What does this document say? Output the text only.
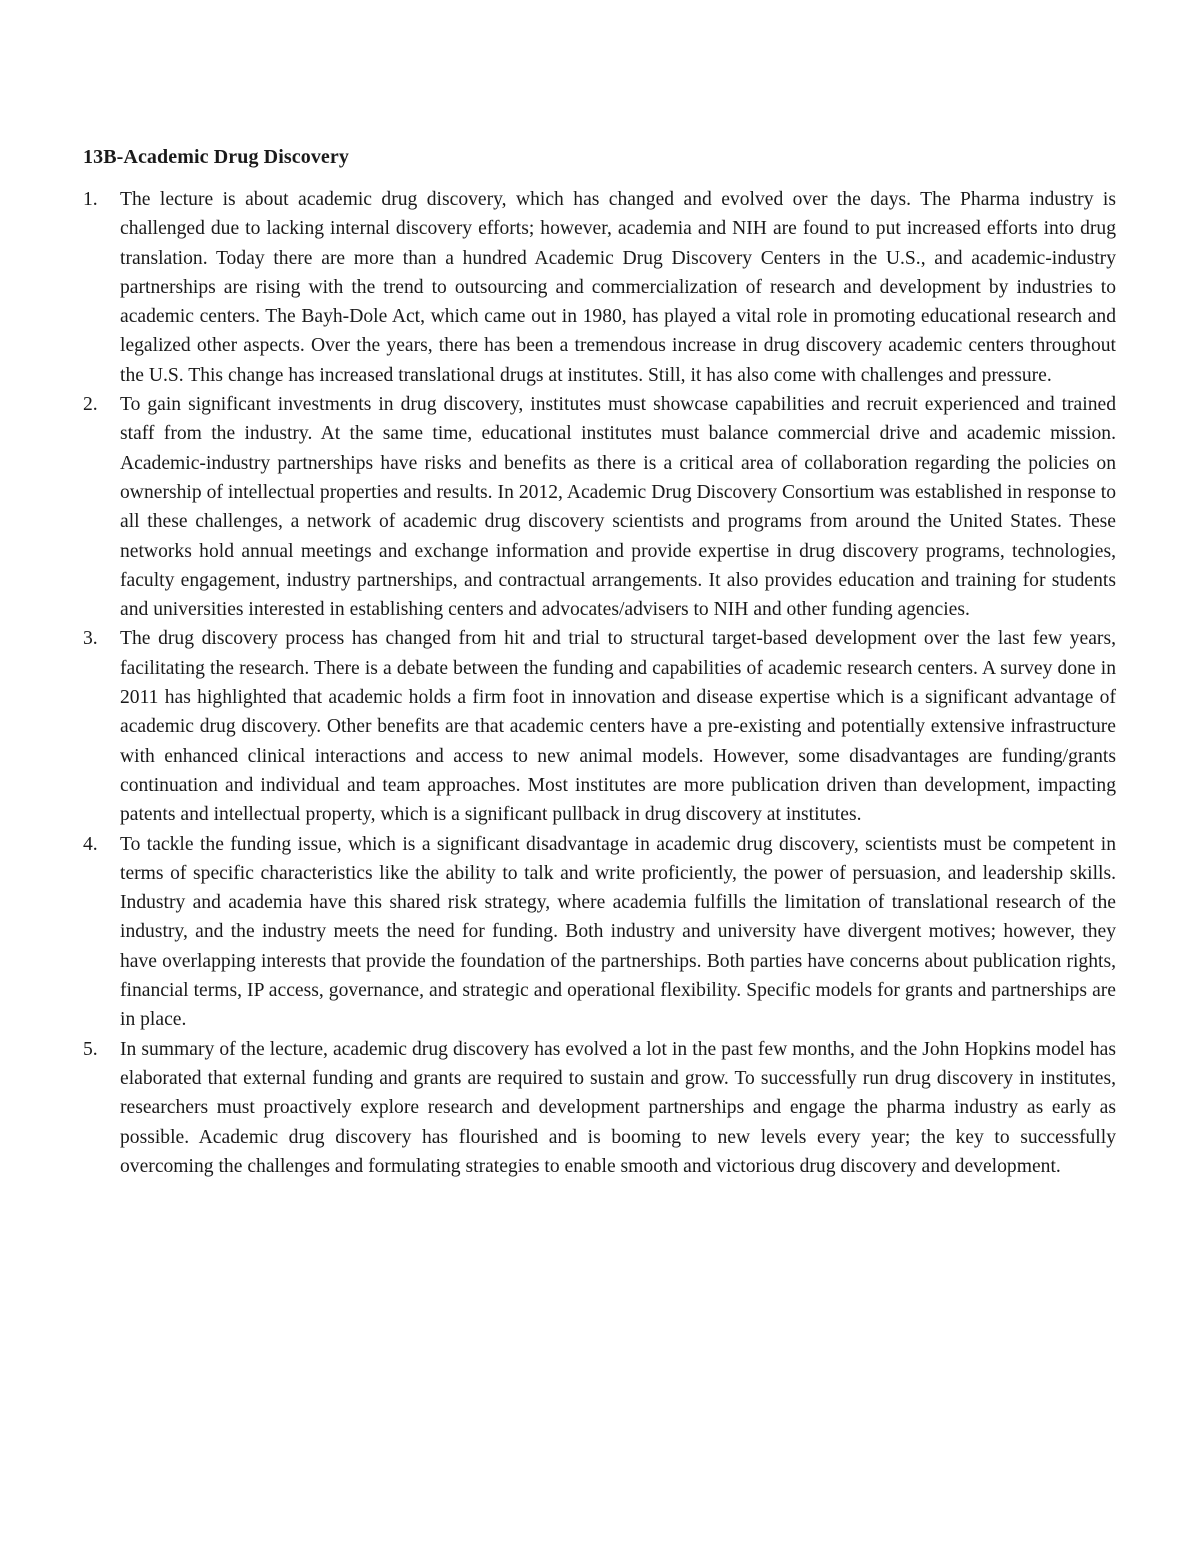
13B-Academic Drug Discovery
1.	The lecture is about academic drug discovery, which has changed and evolved over the days. The Pharma industry is challenged due to lacking internal discovery efforts; however, academia and NIH are found to put increased efforts into drug translation. Today there are more than a hundred Academic Drug Discovery Centers in the U.S., and academic-industry partnerships are rising with the trend to outsourcing and commercialization of research and development by industries to academic centers. The Bayh-Dole Act, which came out in 1980, has played a vital role in promoting educational research and legalized other aspects. Over the years, there has been a tremendous increase in drug discovery academic centers throughout the U.S. This change has increased translational drugs at institutes. Still, it has also come with challenges and pressure.
2.	To gain significant investments in drug discovery, institutes must showcase capabilities and recruit experienced and trained staff from the industry. At the same time, educational institutes must balance commercial drive and academic mission. Academic-industry partnerships have risks and benefits as there is a critical area of collaboration regarding the policies on ownership of intellectual properties and results. In 2012, Academic Drug Discovery Consortium was established in response to all these challenges, a network of academic drug discovery scientists and programs from around the United States. These networks hold annual meetings and exchange information and provide expertise in drug discovery programs, technologies, faculty engagement, industry partnerships, and contractual arrangements. It also provides education and training for students and universities interested in establishing centers and advocates/advisers to NIH and other funding agencies.
3.	The drug discovery process has changed from hit and trial to structural target-based development over the last few years, facilitating the research. There is a debate between the funding and capabilities of academic research centers. A survey done in 2011 has highlighted that academic holds a firm foot in innovation and disease expertise which is a significant advantage of academic drug discovery. Other benefits are that academic centers have a pre-existing and potentially extensive infrastructure with enhanced clinical interactions and access to new animal models. However, some disadvantages are funding/grants continuation and individual and team approaches. Most institutes are more publication driven than development, impacting patents and intellectual property, which is a significant pullback in drug discovery at institutes.
4.	To tackle the funding issue, which is a significant disadvantage in academic drug discovery, scientists must be competent in terms of specific characteristics like the ability to talk and write proficiently, the power of persuasion, and leadership skills. Industry and academia have this shared risk strategy, where academia fulfills the limitation of translational research of the industry, and the industry meets the need for funding. Both industry and university have divergent motives; however, they have overlapping interests that provide the foundation of the partnerships. Both parties have concerns about publication rights, financial terms, IP access, governance, and strategic and operational flexibility. Specific models for grants and partnerships are in place.
5.	In summary of the lecture, academic drug discovery has evolved a lot in the past few months, and the John Hopkins model has elaborated that external funding and grants are required to sustain and grow. To successfully run drug discovery in institutes, researchers must proactively explore research and development partnerships and engage the pharma industry as early as possible. Academic drug discovery has flourished and is booming to new levels every year; the key to successfully overcoming the challenges and formulating strategies to enable smooth and victorious drug discovery and development.
